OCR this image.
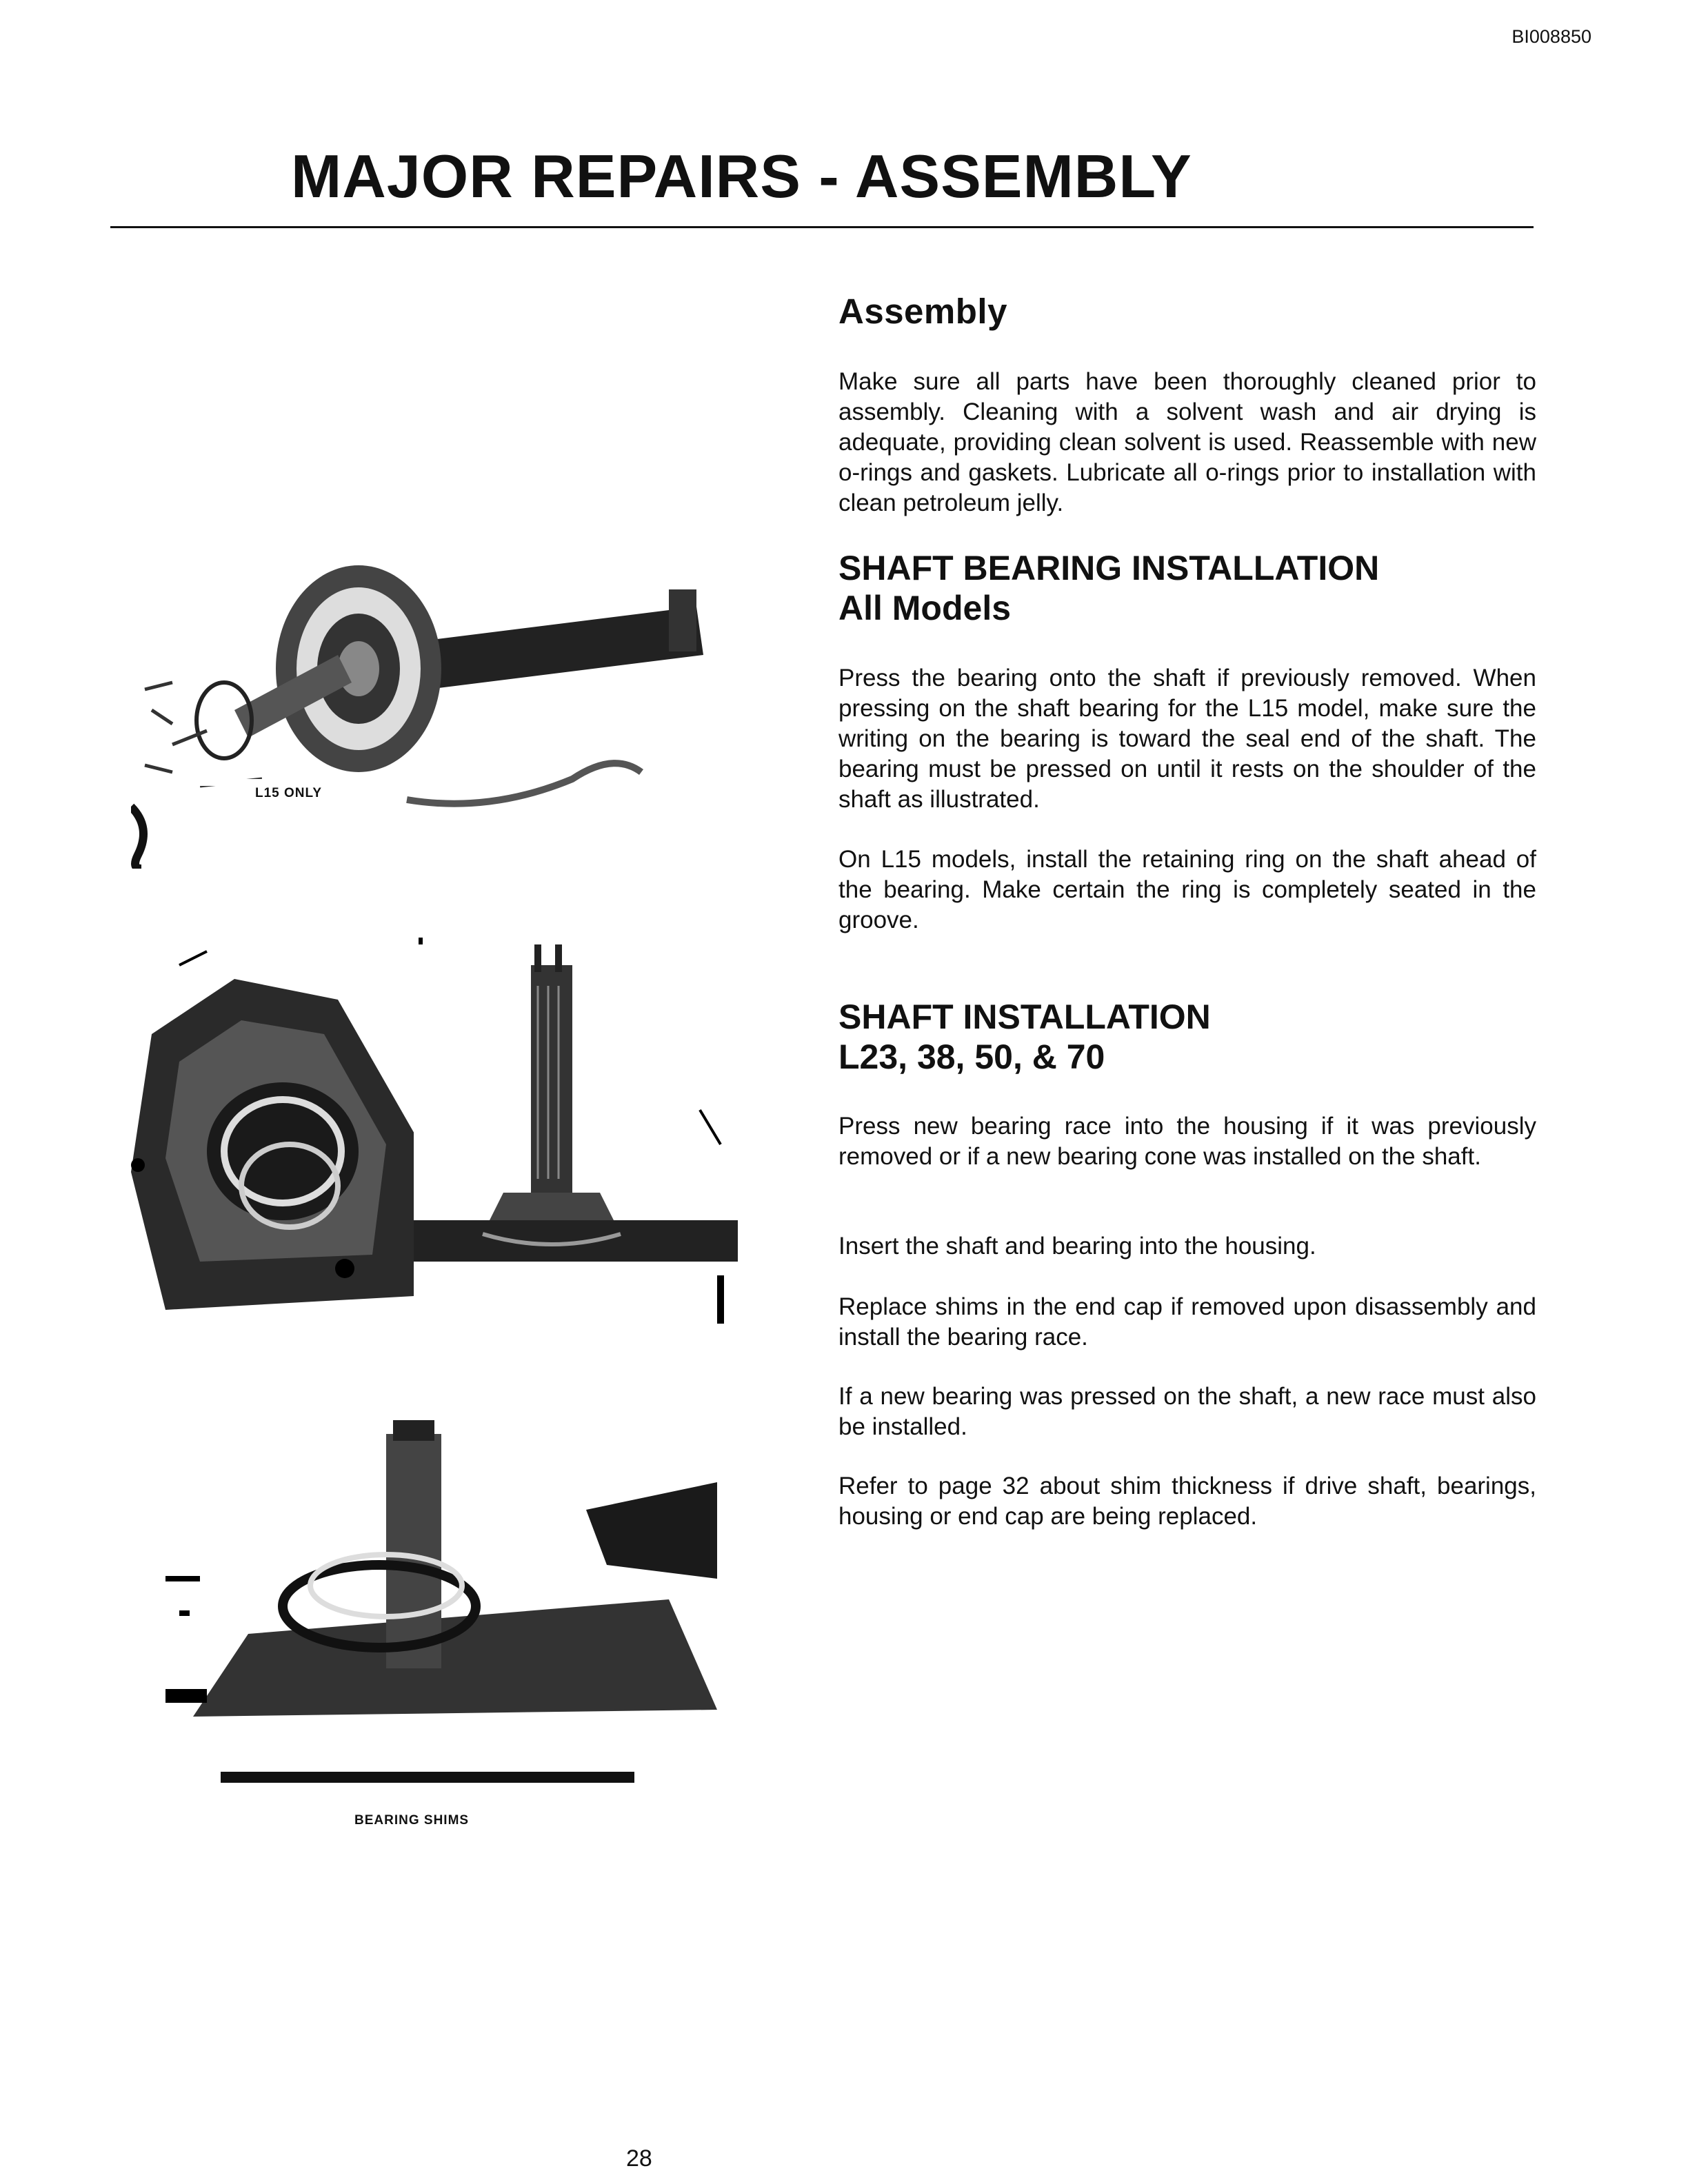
BI008850
MAJOR REPAIRS - ASSEMBLY
Assembly

Make sure all parts have been thoroughly cleaned prior to assembly. Cleaning with a solvent wash and air drying is adequate, providing clean solvent is used. Reassemble with new o-rings and gaskets. Lubricate all o-rings prior to installation with clean petroleum jelly.

SHAFT BEARING INSTALLATION
All Models

Press the bearing onto the shaft if previously removed. When pressing on the shaft bearing for the L15 model, make sure the writing on the bearing is toward the seal end of the shaft. The bearing must be pressed on until it rests on the shoulder of the shaft as illustrated.

On L15 models, install the retaining ring on the shaft ahead of the bearing. Make certain the ring is completely seated in the groove.

SHAFT INSTALLATION
L23, 38, 50, & 70

Press new bearing race into the housing if it was previously removed or if a new bearing cone was installed on the shaft.

Insert the shaft and bearing into the housing.

Replace shims in the end cap if removed upon disassembly and install the bearing race.

If a new bearing was pressed on the shaft, a new race must also be installed.

Refer to page 32 about shim thickness if drive shaft, bearings, housing or end cap are being replaced.

L15 ONLY
BEARING SHIMS
28
